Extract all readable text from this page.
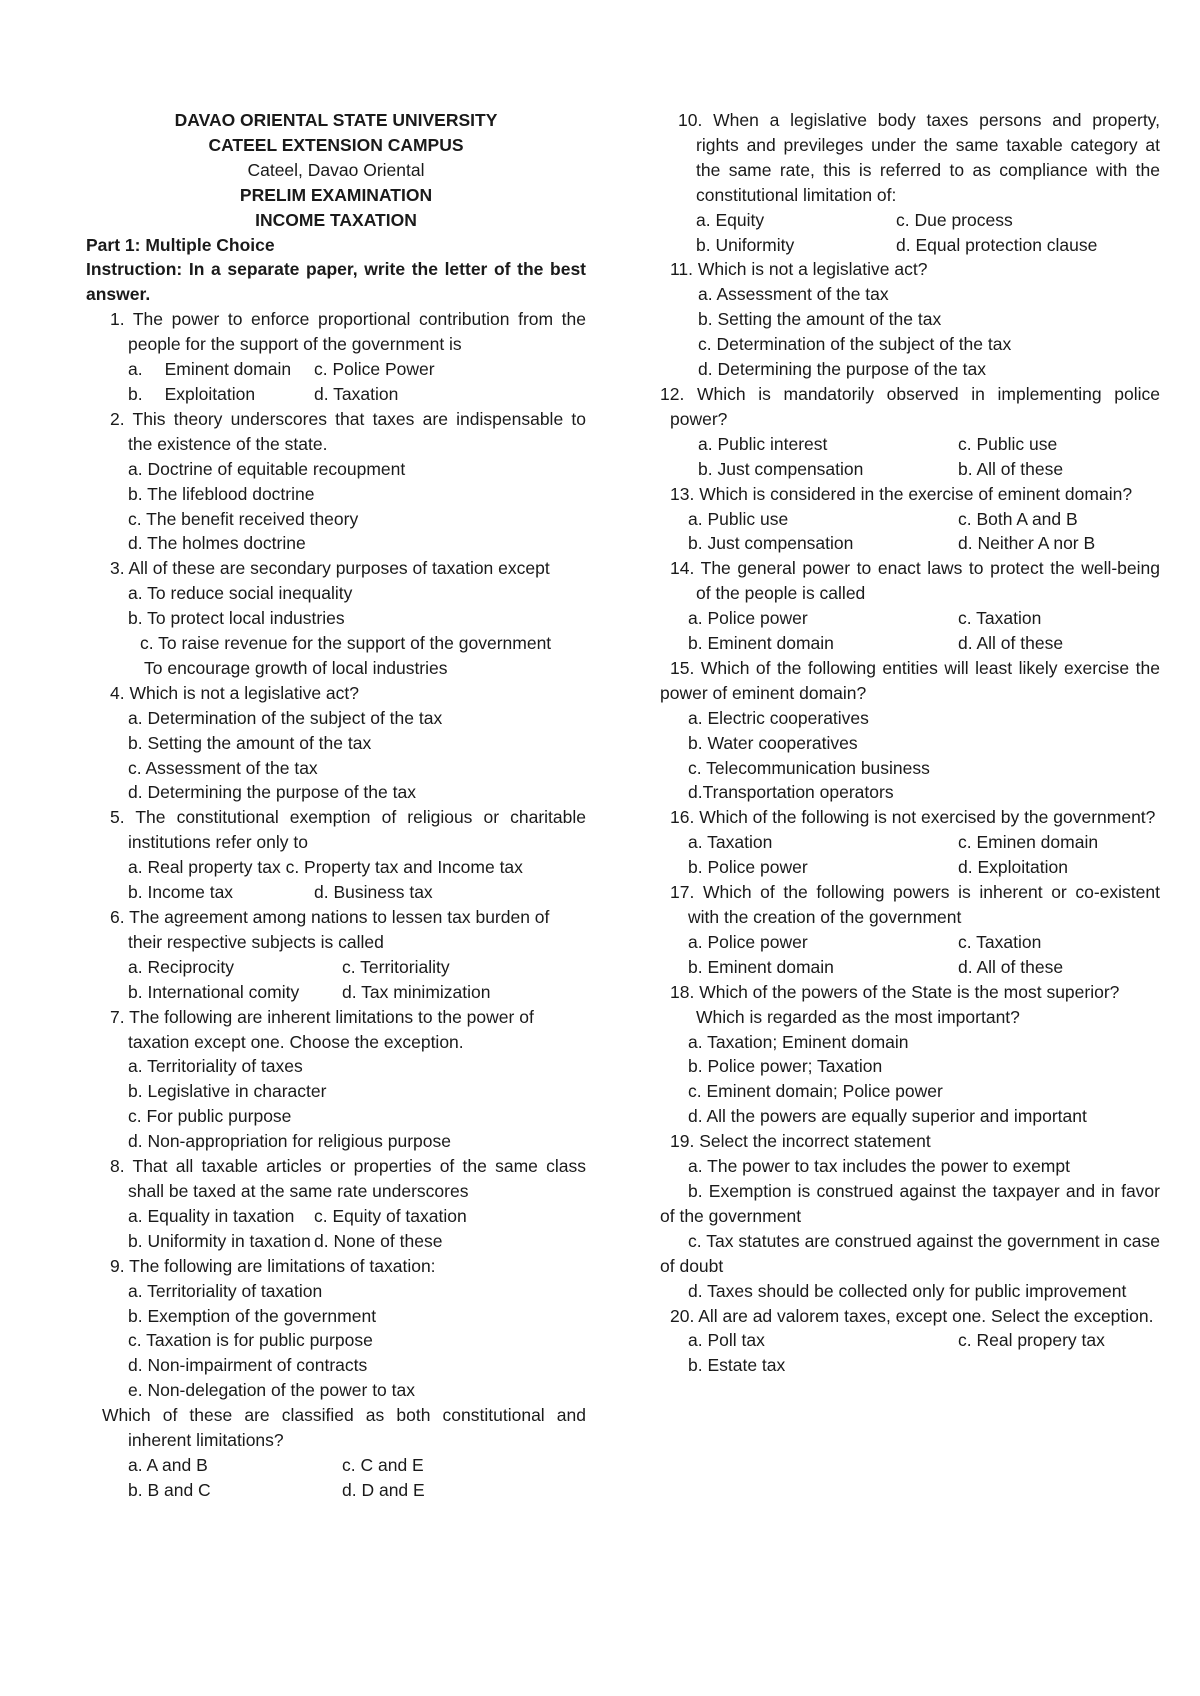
DAVAO ORIENTAL STATE UNIVERSITY
CATEEL EXTENSION CAMPUS
Cateel, Davao Oriental
PRELIM EXAMINATION
INCOME TAXATION
Part 1: Multiple Choice
Instruction: In a separate paper, write the letter of the best answer.
1. The power to enforce proportional contribution from the people for the support of the government is
a. Eminent domain	c. Police Power
b. Exploitation	d. Taxation
2. This theory underscores that taxes are indispensable to the existence of the state.
a. Doctrine of equitable recoupment
b. The lifeblood doctrine
c. The benefit received theory
d. The holmes doctrine
3. All of these are secondary purposes of taxation except
a. To reduce social inequality
b. To protect local industries
c. To raise revenue for the support of the government
To encourage growth of local industries
4. Which is not a legislative act?
a. Determination of the subject of the tax
b. Setting the amount of the tax
c. Assessment of the tax
d. Determining the purpose of the tax
5. The constitutional exemption of religious or charitable institutions refer only to
a. Real property tax c. Property tax and Income tax
b. Income tax	d. Business tax
6. The agreement among nations to lessen tax burden of their respective subjects is called
a. Reciprocity	c. Territoriality
b. International comity	d. Tax minimization
7. The following are inherent limitations to the power of taxation except one. Choose the exception.
a. Territoriality of taxes
b. Legislative in character
c. For public purpose
d. Non-appropriation for religious purpose
8. That all taxable articles or properties of the same class shall be taxed at the same rate underscores
a. Equality in taxation	c. Equity of taxation
b. Uniformity in taxation d. None of these
9. The following are limitations of taxation:
a. Territoriality of taxation
b. Exemption of the government
c. Taxation is for public purpose
d. Non-impairment of contracts
e. Non-delegation of the power to tax
Which of these are classified as both constitutional and inherent limitations?
a. A and B	c. C and E
b. B and C	d. D and E
10. When a legislative body taxes persons and property, rights and previleges under the same taxable category at the same rate, this is referred to as compliance with the constitutional limitation of:
a. Equity	c. Due process
b. Uniformity	d. Equal protection clause
11. Which is not a legislative act?
a. Assessment of the tax
b. Setting the amount of the tax
c. Determination of the subject of the tax
d. Determining the purpose of the tax
12. Which is mandatorily observed in implementing police power?
a. Public interest	c. Public use
b. Just compensation	b. All of these
13. Which is considered in the exercise of eminent domain?
a. Public use	c. Both A and B
b. Just compensation	d. Neither A nor B
14. The general power to enact laws to protect the well-being of the people is called
a. Police power	c. Taxation
b. Eminent domain	d. All of these
15. Which of the following entities will least likely exercise the power of eminent domain?
a. Electric cooperatives
b. Water cooperatives
c. Telecommunication business
d.Transportation operators
16. Which of the following is not exercised by the government?
a. Taxation	c. Eminen domain
b. Police power	d. Exploitation
17. Which of the following powers is inherent or co-existent with the creation of the government
a. Police power	c. Taxation
b. Eminent domain	d. All of these
18. Which of the powers of the State is the most superior? Which is regarded as the most important?
a. Taxation; Eminent domain
b. Police power; Taxation
c. Eminent domain; Police power
d. All the powers are equally superior and important
19. Select the incorrect statement
a. The power to tax includes the power to exempt
b. Exemption is construed against the taxpayer and in favor of the government
c. Tax statutes are construed against the government in case of doubt
d. Taxes should be collected only for public improvement
20. All are ad valorem taxes, except one. Select the exception.
a. Poll tax	c. Real propery tax
b. Estate tax
